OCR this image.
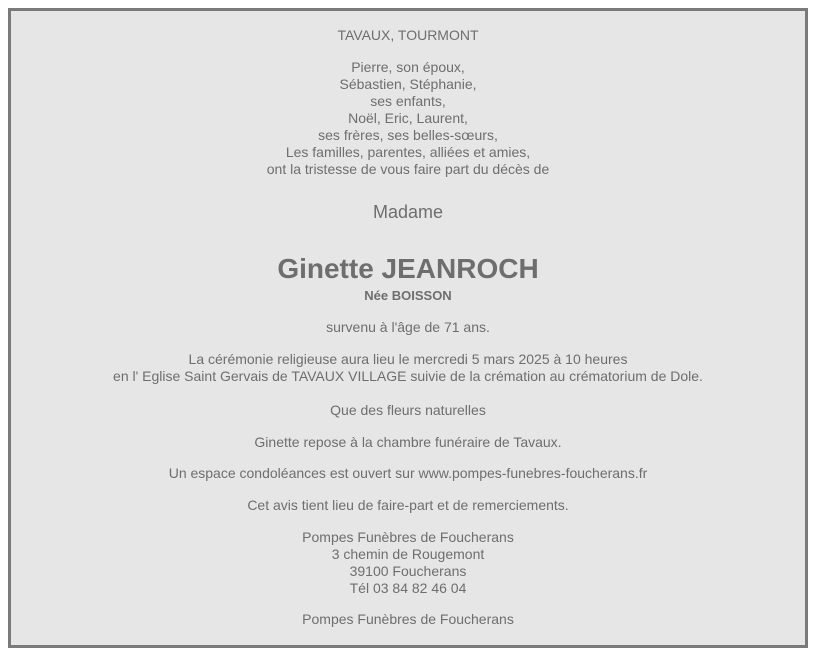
TAVAUX, TOURMONT
Pierre, son époux,
Sébastien, Stéphanie,
ses enfants,
Noël, Eric, Laurent,
ses frères, ses belles-sœurs,
Les familles, parentes, alliées et amies,
ont la tristesse de vous faire part du décès de
Madame
Ginette JEANROCH
Née BOISSON
survenu à l'âge de 71 ans.
La cérémonie religieuse aura lieu le mercredi 5 mars 2025 à 10 heures
en l' Eglise Saint Gervais de TAVAUX VILLAGE suivie de la crémation au crématorium de Dole.
Que des fleurs naturelles
Ginette repose à la chambre funéraire de Tavaux.
Un espace condoléances est ouvert sur www.pompes-funebres-foucherans.fr
Cet avis tient lieu de faire-part et de remerciements.
Pompes Funèbres de Foucherans
3 chemin de Rougemont
39100 Foucherans
Tél 03 84 82 46 04
Pompes Funèbres de Foucherans
